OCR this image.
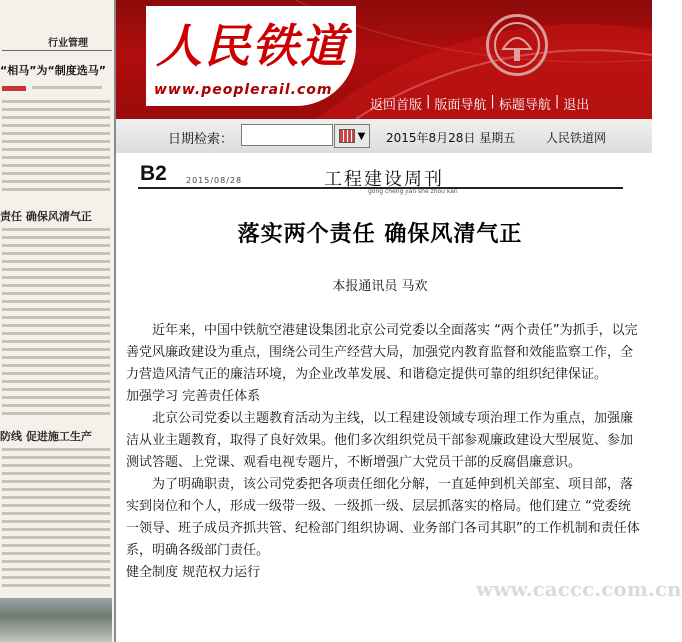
行业管理
“相马”为“制度选马”
责任 确保风清气正
防线 促进施工生产
人民铁道
www.peoplerail.com
返回首版 | 版面导航 | 标题导航 | 退出
日期检索：	▼ 2015年8月28日 星期五	人民铁道网
B2 2015/08/28	工程建设周刊
gong cheng jian she zhou kan
落实两个责任 确保风清气正
本报通讯员 马欢

近年来，中国中铁航空港建设集团北京公司党委以全面落实 “两个责任”为抓手，以完善党风廉政建设为重点，围绕公司生产经营大局，加强党内教育监督和效能监察工作，全力营造风清气正的廉洁环境，为企业改革发展、和谐稳定提供可靠的组织纪律保证。

加强学习 完善责任体系

北京公司党委以主题教育活动为主线，以工程建设领域专项治理工作为重点，加强廉洁从业主题教育，取得了良好效果。他们多次组织党员干部参观廉政建设大型展览、参加测试答题、上党课、观看电视专题片，不断增强广大党员干部的反腐倡廉意识。

为了明确职责，该公司党委把各项责任细化分解，一直延伸到机关部室、项目部，落实到岗位和个人，形成一级带一级、一级抓一级、层层抓落实的格局。他们建立 “党委统一领导、班子成员齐抓共管、纪检部门组织协调、业务部门各司其职”的工作机制和责任体系，明确各级部门责任。

健全制度 规范权力运行

www.caccc.com.cn
